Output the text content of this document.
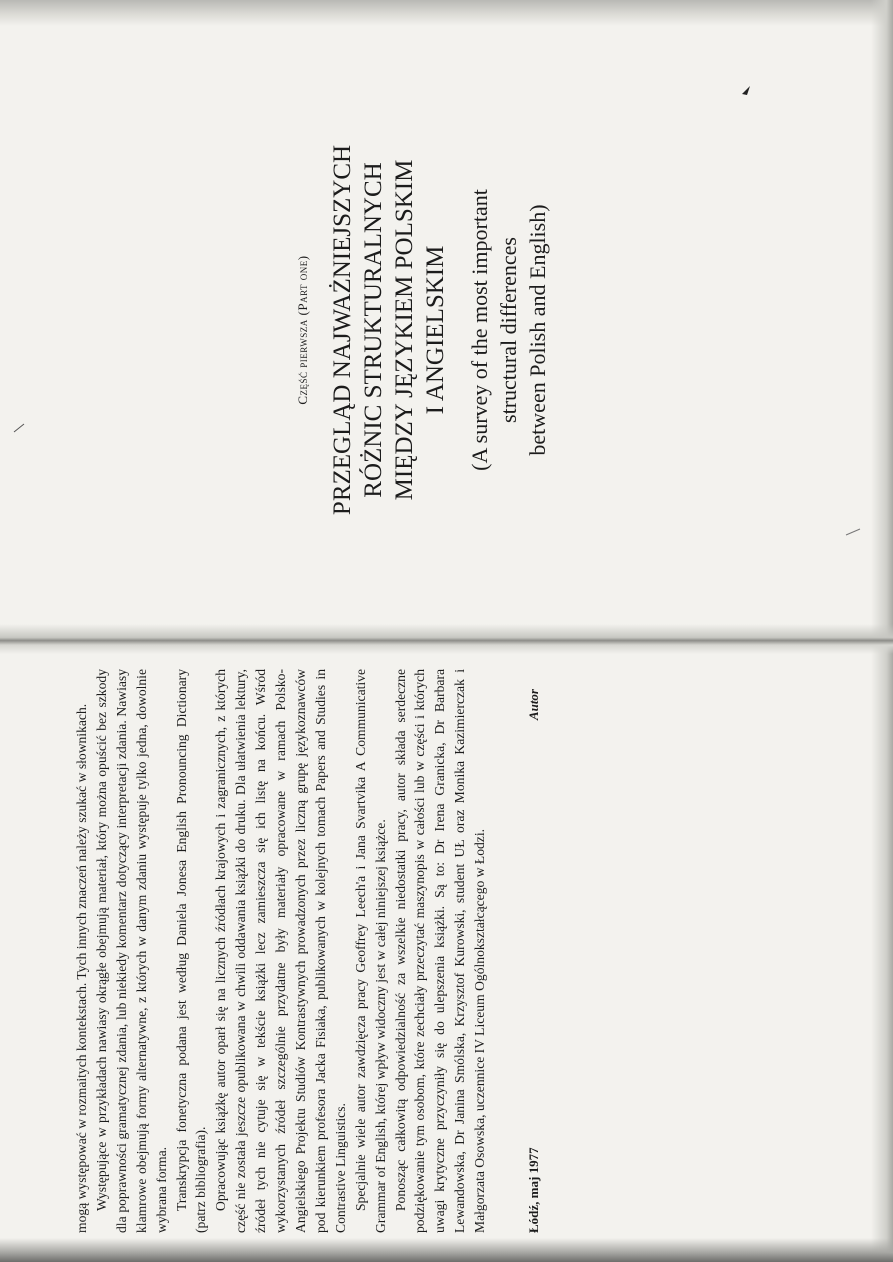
Część pierwsza (Part one) PRZEGLĄD NAJWAŻNIEJSZYCH RÓŻNIC STRUKTURALNYCH MIĘDZY JĘZYKIEM POLSKIM I ANGIELSKIM (A survey of the most important structural differences between Polish and English)

mogą występować w rozmaitych kontekstach. Tych innych znaczeń należy szukać w słownikach. Występujące w przykładach nawiasy okrągłe obejmują materiał, który można opuścić bez szkody dla poprawności gramatycznej zdania, lub niekiedy komentarz dotyczący interpretacji zdania. Nawiasy klamrowe obejmują formy alternatywne, z których w danym zdaniu występuje tylko jedna, dowolnie wybrana forma. Transkrypcja fonetyczna podana jest według Daniela Jonesa English Pronouncing Dictionary (patrz bibliografia). Opracowując książkę autor oparł się na licznych źródłach krajowych i zagranicznych, z których część nie została jeszcze opublikowana w chwili oddawania książki do druku. Dla ułatwienia lektury, źródeł tych nie cytuje się w tekście książki lecz zamieszcza się ich listę na końcu. Wśród wykorzystanych źródeł szczególnie przydatne były materiały opracowane w ramach Polsko-Angielskiego Projektu Studiów Kontrastywnych prowadzonych przez liczną grupę językoznawców pod kierunkiem profesora Jacka Fisiaka, publikowanych w kolejnych tomach Papers and Studies in Contrastive Linguistics. Specjalnie wiele autor zawdzięcza pracy Geoffrey Leech'a i Jana Svartvika A Communicative Grammar of English, której wpływ widoczny jest w całej niniejszej książce. Ponosząc całkowitą odpowiedzialność za wszelkie niedostatki pracy, autor składa serdeczne podziękowanie tym osobom, które zechciały przeczytać maszynopis w całości lub w części i których uwagi krytyczne przyczyniły się do ulepszenia książki. Są to: Dr Irena Granicka, Dr Barbara Lewandowska, Dr Janina Smólska, Krzysztof Kurowski, student UŁ oraz Monika Kazimierczak i Małgorzata Osowska, uczennice IV Liceum Ogólnokształcącego w Łodzi.	Łódź, maj 1977
Autor
